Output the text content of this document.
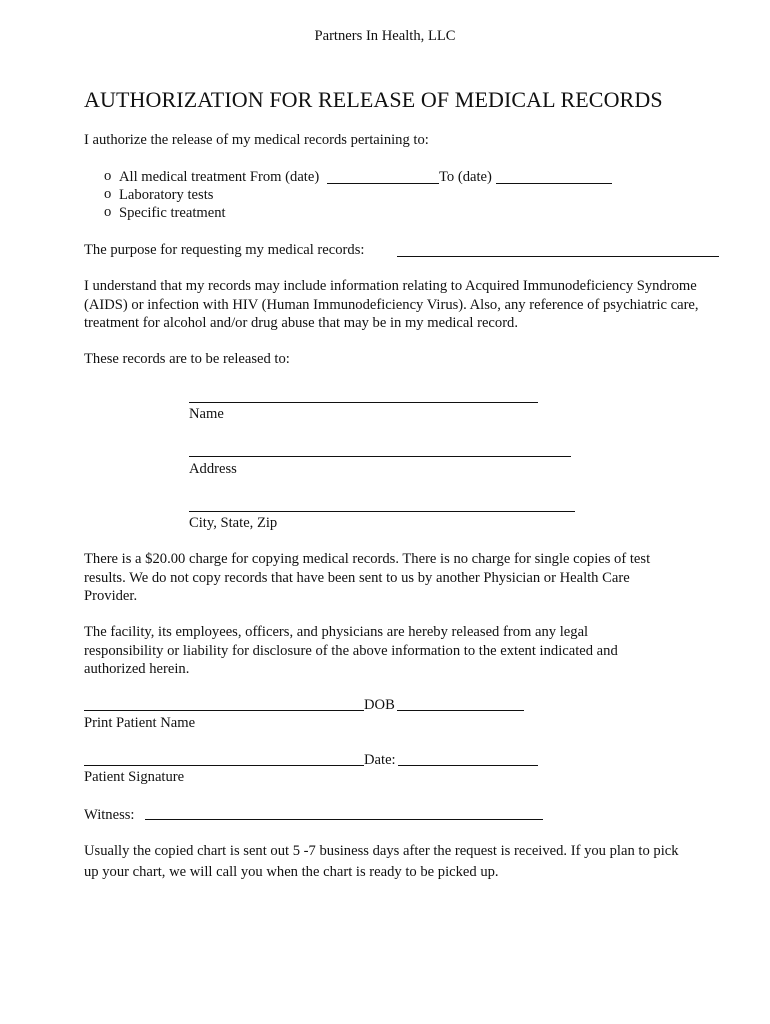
Partners In Health, LLC
AUTHORIZATION FOR RELEASE OF MEDICAL RECORDS
I authorize the release of my medical records pertaining to:
o All medical treatment From (date)	To (date)
o Laboratory tests
o Specific treatment
The purpose for requesting my medical records:
I understand that my records may include information relating to Acquired Immunodeficiency Syndrome (AIDS) or infection with HIV (Human Immunodeficiency Virus). Also, any reference of psychiatric care, treatment for alcohol and/or drug abuse that may be in my medical record.
These records are to be released to:
Name
Address
City, State, Zip
There is a $20.00 charge for copying medical records. There is no charge for single copies of test results. We do not copy records that have been sent to us by another Physician or Health Care Provider.
The facility, its employees, officers, and physicians are hereby released from any legal responsibility or liability for disclosure of the above information to the extent indicated and authorized herein.
DOB
Print Patient Name
Date:
Patient Signature
Witness:
Usually the copied chart is sent out 5 -7 business days after the request is received. If you plan to pick up your chart, we will call you when the chart is ready to be picked up.
